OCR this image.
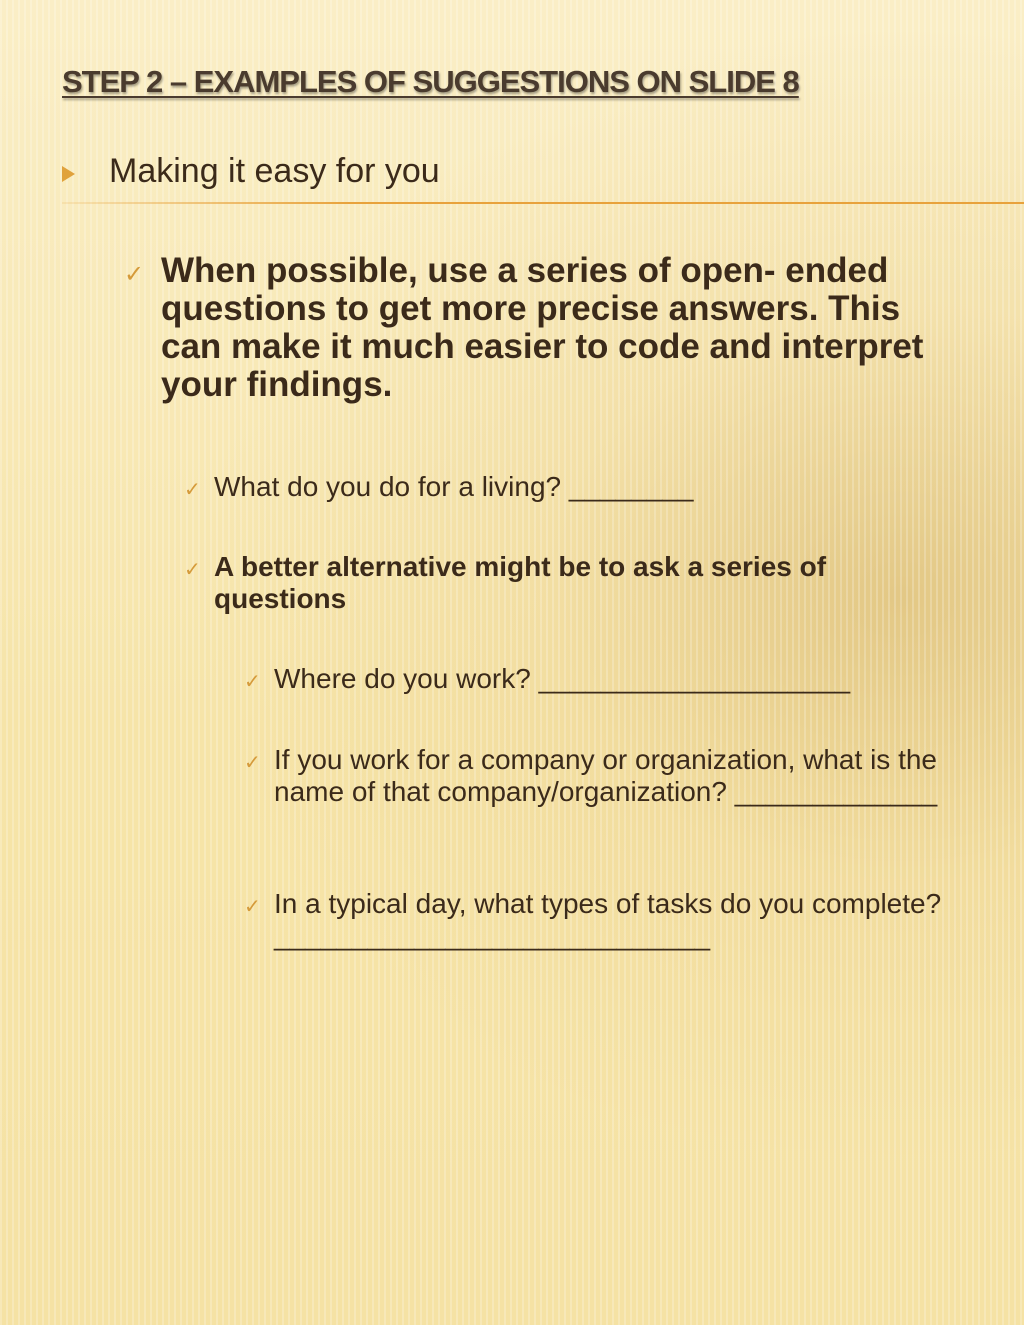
STEP 2 – EXAMPLES OF SUGGESTIONS ON SLIDE 8
Making it easy for you
✓ When possible, use a series of open- ended questions to get more precise answers. This can make it much easier to code and interpret your findings.
✓ What do you do for a living? ________
✓ A better alternative might be to ask a series of questions
✓ Where do you work? ____________________
✓ If you work for a company or organization, what is the name of that company/organization? _____________
✓ In a typical day, what types of tasks do you complete?____________________________
